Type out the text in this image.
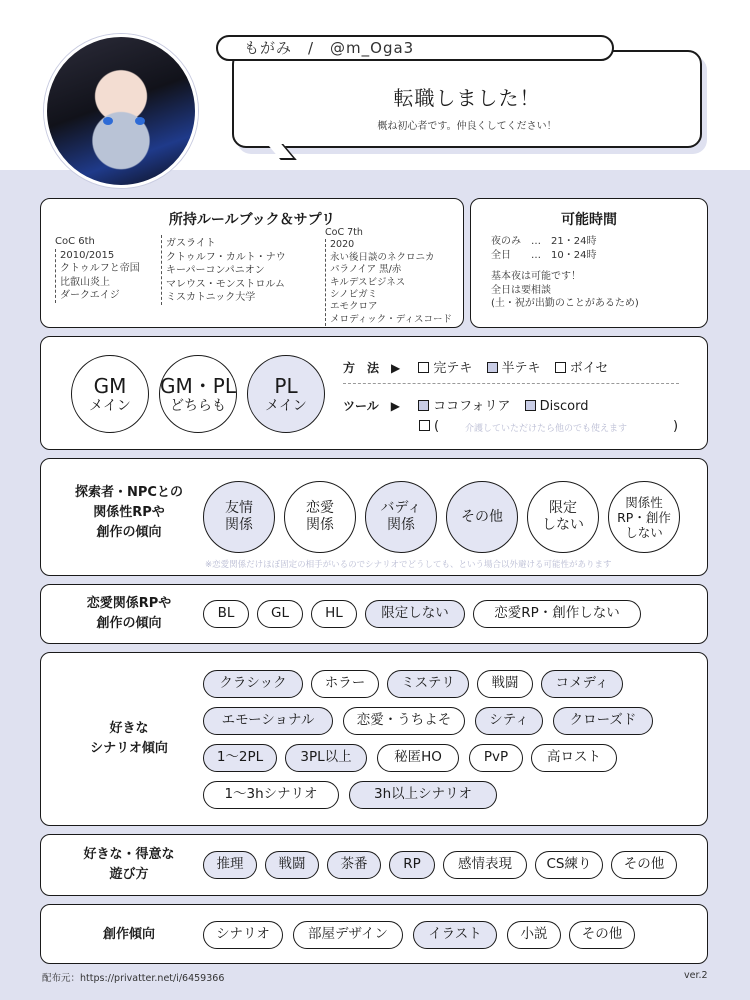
転職しました！

概ね初心者です。仲良くしてください！

もがみ　/　@m_Oga3
所持ルールブック＆サプリ
CoC 6th
2010/2015
クトゥルフと帝国
比叡山炎上
ダークエイジ
ガスライト
クトゥルフ・カルト・ナウ
キーパーコンパニオン
マレウス・モンストロルム
ミスカトニック大学
CoC 7th
2020
永い後日談のネクロニカ
パラノイア 黒/赤
キルデスビジネス
シノビガミ
エモクロア
メロディック・ディスコード
可能時間
夜のみ　…　21・24時
全日　　…　10・24時
基本夜は可能です！
全日は要相談
(土・祝が出勤のことがあるため)
GM
メイン
GM・PL
どちらも
PL
メイン
方　法　▶	完テキ 半テキ ボイセ
ツール　▶	ココフォリア Discord
(	介護していただけたら他のでも使えます	)
探索者・NPCとの
関係性RPや
創作の傾向
友情
関係
恋愛
関係
バディ
関係
その他
限定
しない
関係性
RP・創作
しない
※恋愛関係だけほぼ固定の相手がいるのでシナリオでどうしても、という場合以外避ける可能性があります
恋愛関係RPや
創作の傾向
BL	GL	HL	限定しない	恋愛RP・創作しない
好きな
シナリオ傾向
クラシック	ホラー	ミステリ	戦闘	コメディ
エモーショナル	恋愛・うちよそ	シティ	クローズド
1〜2PL	3PL以上	秘匿HO	PvP	高ロスト
1〜3hシナリオ	3h以上シナリオ
好きな・得意な
遊び方
推理	戦闘	茶番	RP	感情表現	CS練り	その他
創作傾向	シナリオ	部屋デザイン	イラスト	小説	その他
配布元：https://privatter.net/i/6459366	ver.2
